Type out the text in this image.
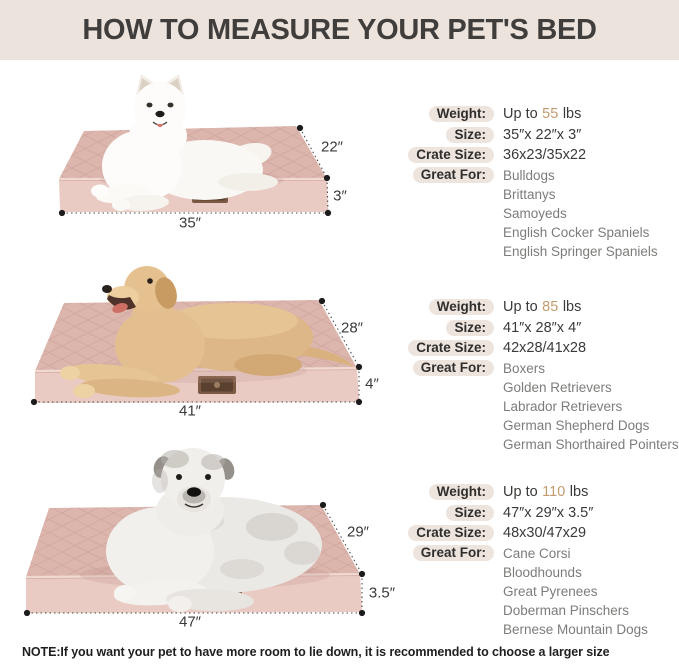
HOW TO MEASURE YOUR PET'S BED
22″
3″
35″
Weight:	Up to 55 lbs
Size:	35″x 22″x 3″
Crate Size:	36x23/35x22
Great For:	Bulldogs
Brittanys
Samoyeds
English Cocker Spaniels
English Springer Spaniels
28″
4″
41″
Weight:	Up to 85 lbs
Size:	41″x 28″x 4″
Crate Size:	42x28/41x28
Great For:	Boxers
Golden Retrievers
Labrador Retrievers
German Shepherd Dogs
German Shorthaired Pointers
29″
3.5″
47″
Weight:	Up to 110 lbs
Size:	47″x 29″x 3.5″
Crate Size:	48x30/47x29
Great For:	Cane Corsi
Bloodhounds
Great Pyrenees
Doberman Pinschers
Bernese Mountain Dogs
NOTE:If you want your pet to have more room to lie down, it is recommended to choose a larger size
